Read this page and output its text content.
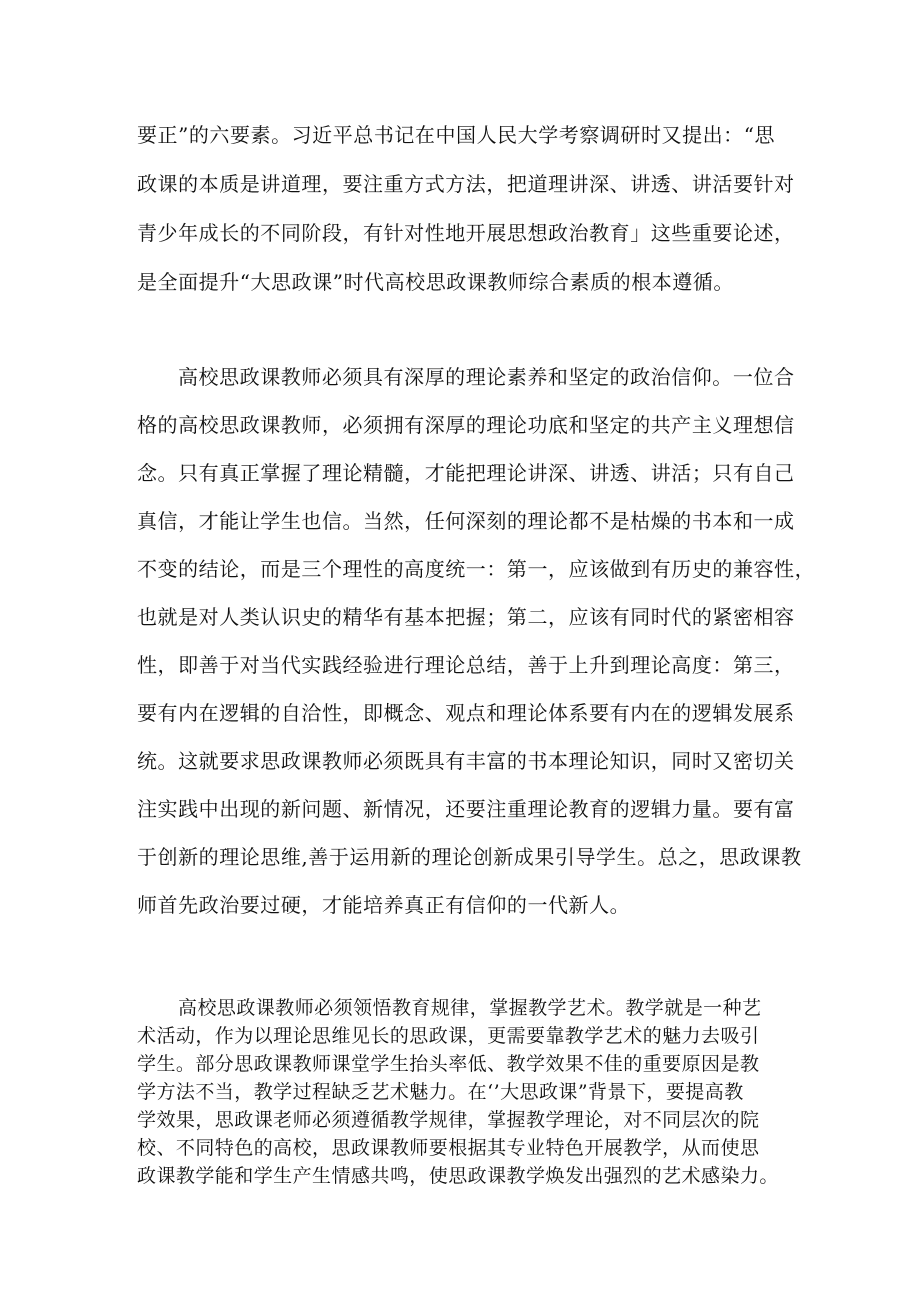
要正”的六要素。习近平总书记在中国人民大学考察调研时又提出：“思
政课的本质是讲道理，要注重方式方法，把道理讲深、讲透、讲活要针对
青少年成长的不同阶段，有针对性地开展思想政治教育」这些重要论述，
是全面提升“大思政课”时代高校思政课教师综合素质的根本遵循。
高校思政课教师必须具有深厚的理论素养和坚定的政治信仰。一位合
格的高校思政课教师，必须拥有深厚的理论功底和坚定的共产主义理想信
念。只有真正掌握了理论精髓，才能把理论讲深、讲透、讲活；只有自己
真信，才能让学生也信。当然，任何深刻的理论都不是枯燥的书本和一成
不变的结论，而是三个理性的高度统一：第一，应该做到有历史的兼容性，
也就是对人类认识史的精华有基本把握；第二，应该有同时代的紧密相容
性，即善于对当代实践经验进行理论总结，善于上升到理论高度：第三，
要有内在逻辑的自洽性，即概念、观点和理论体系要有内在的逻辑发展系
统。这就要求思政课教师必须既具有丰富的书本理论知识，同时又密切关
注实践中出现的新问题、新情况，还要注重理论教育的逻辑力量。要有富
于创新的理论思维,善于运用新的理论创新成果引导学生。总之，思政课教
师首先政治要过硬，才能培养真正有信仰的一代新人。
高校思政课教师必须领悟教育规律，掌握教学艺术。教学就是一种艺
术活动，作为以理论思维见长的思政课，更需要靠教学艺术的魅力去吸引
学生。部分思政课教师课堂学生抬头率低、教学效果不佳的重要原因是教
学方法不当，教学过程缺乏艺术魅力。在‘’大思政课”背景下，要提高教
学效果，思政课老师必须遵循教学规律，掌握教学理论，对不同层次的院
校、不同特色的高校，思政课教师要根据其专业特色开展教学，从而使思
政课教学能和学生产生情感共鸣，使思政课教学焕发出强烈的艺术感染力。
